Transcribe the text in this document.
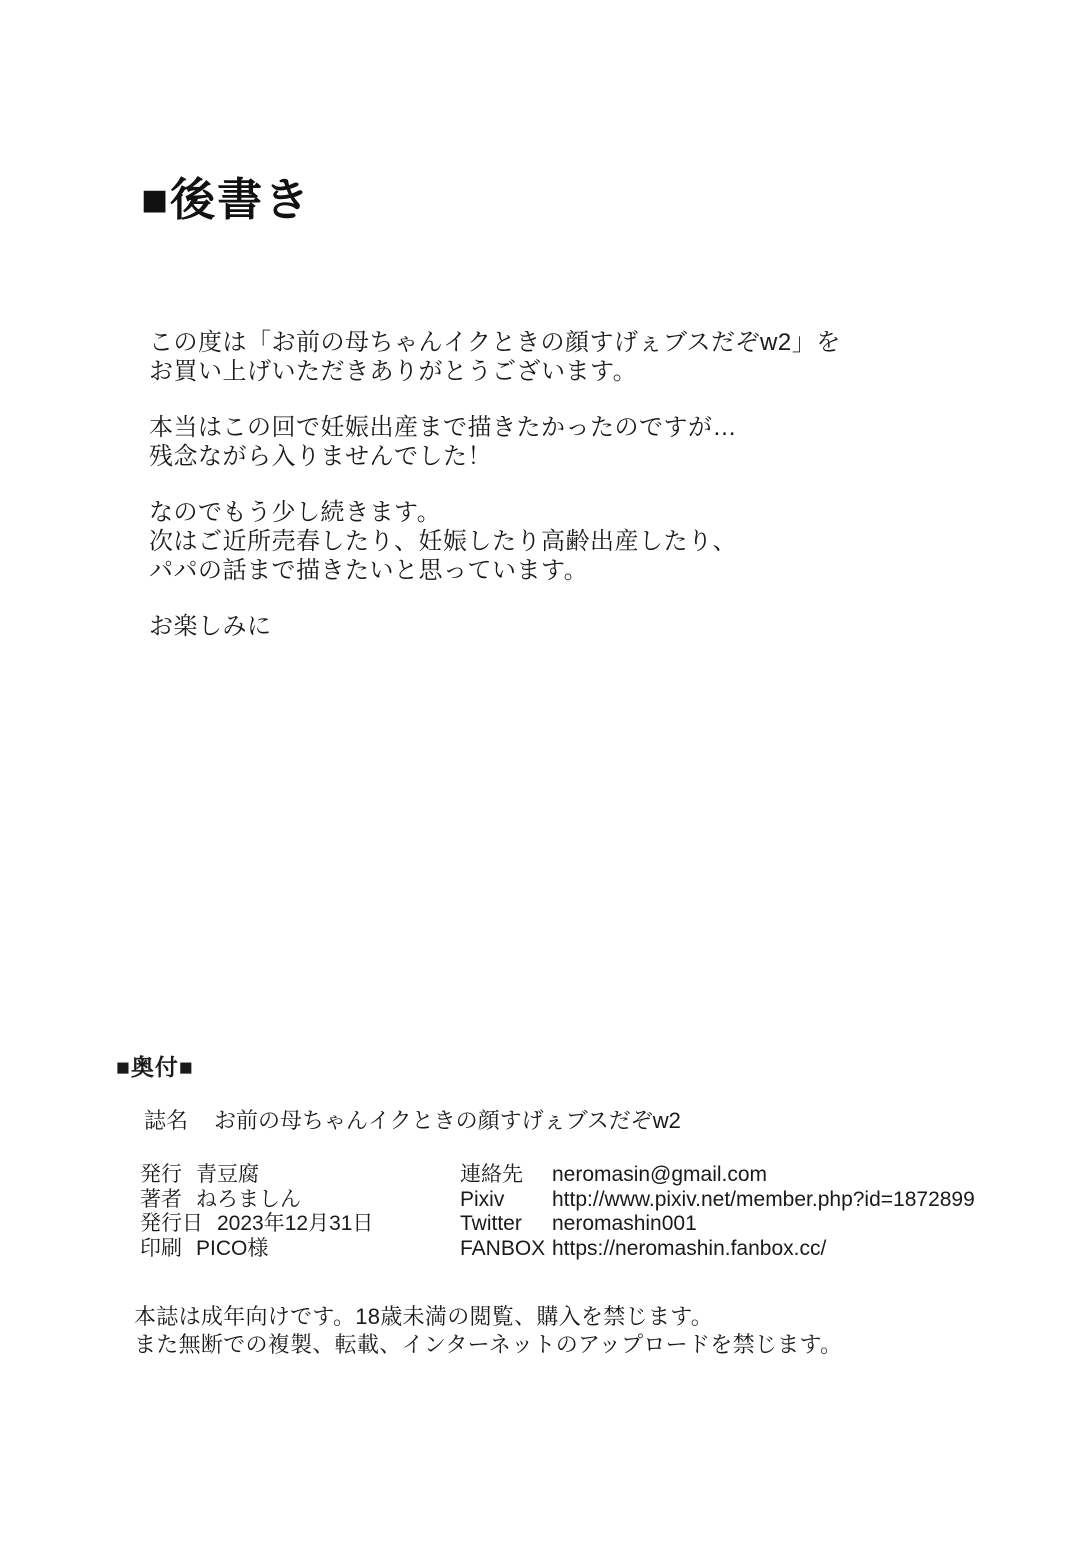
■後書き

この度は「お前の母ちゃんイクときの顔すげぇブスだぞw2」を
お買い上げいただきありがとうございます。

本当はこの回で妊娠出産まで描きたかったのですが…
残念ながら入りませんでした！

なのでもう少し続きます。
次はご近所売春したり、妊娠したり高齢出産したり、
パパの話まで描きたいと思っています。

お楽しみに

■奥付■
誌名 お前の母ちゃんイクときの顔すげぇブスだぞw2
発行 青豆腐
著者 ねろましん
発行日 2023年12月31日
印刷 PICO様
連絡先 neromasin@gmail.com
Pixiv http://www.pixiv.net/member.php?id=1872899
Twitter neromashin001
FANBOX https://neromashin.fanbox.cc/
本誌は成年向けです。18歳未満の閲覧、購入を禁じます。
また無断での複製、転載、インターネットのアップロードを禁じます。
